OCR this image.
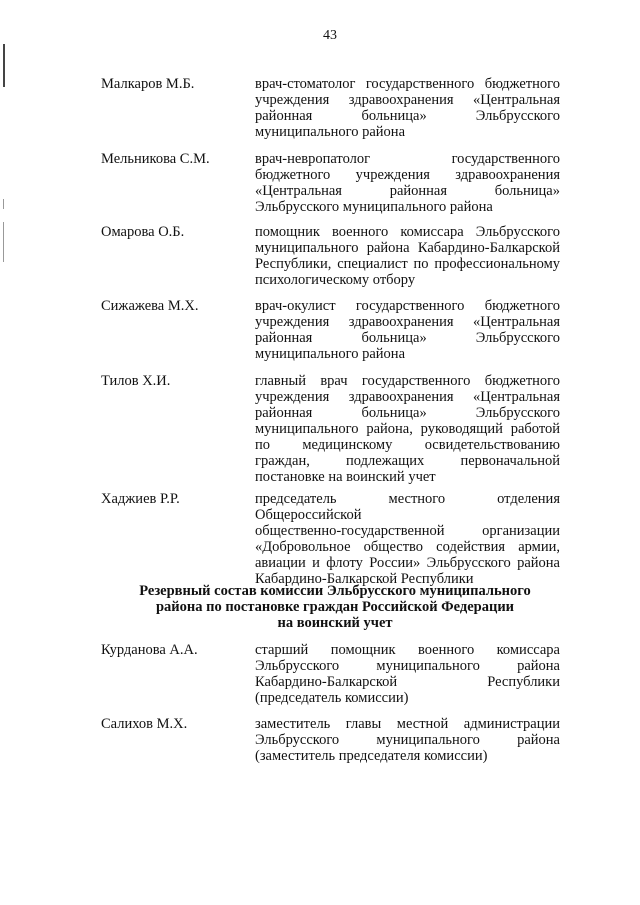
43
Малкаров М.Б.	врач-стоматолог государственного бюджетного
учреждения здравоохранения «Центральная
районная больница» Эльбрусского
муниципального района
Мельникова С.М.	врач-невропатолог государственного
бюджетного учреждения здравоохранения
«Центральная районная больница»
Эльбрусского муниципального района
Омарова О.Б.	помощник военного комиссара Эльбрусского
муниципального района Кабардино-Балкарской
Республики, специалист по профессиональному
психологическому отбору
Сижажева М.Х.	врач-окулист государственного бюджетного
учреждения здравоохранения «Центральная
районная больница» Эльбрусского
муниципального района
Тилов Х.И.	главный врач государственного бюджетного
учреждения здравоохранения «Центральная
районная больница» Эльбрусского
муниципального района, руководящий работой
по медицинскому освидетельствованию
граждан, подлежащих первоначальной
постановке на воинский учет
Хаджиев Р.Р.	председатель местного отделения Общероссийской
общественно-государственной организации
«Добровольное общество содействия армии,
авиации и флоту России» Эльбрусского района
Кабардино-Балкарской Республики
Резервный состав комиссии Эльбрусского муниципального
района по постановке граждан Российской Федерации
на воинский учет
Курданова А.А.	старший помощник военного комиссара
Эльбрусского муниципального района
Кабардино-Балкарской Республики
(председатель комиссии)
Салихов М.Х.	заместитель главы местной администрации
Эльбрусского муниципального района
(заместитель председателя комиссии)
